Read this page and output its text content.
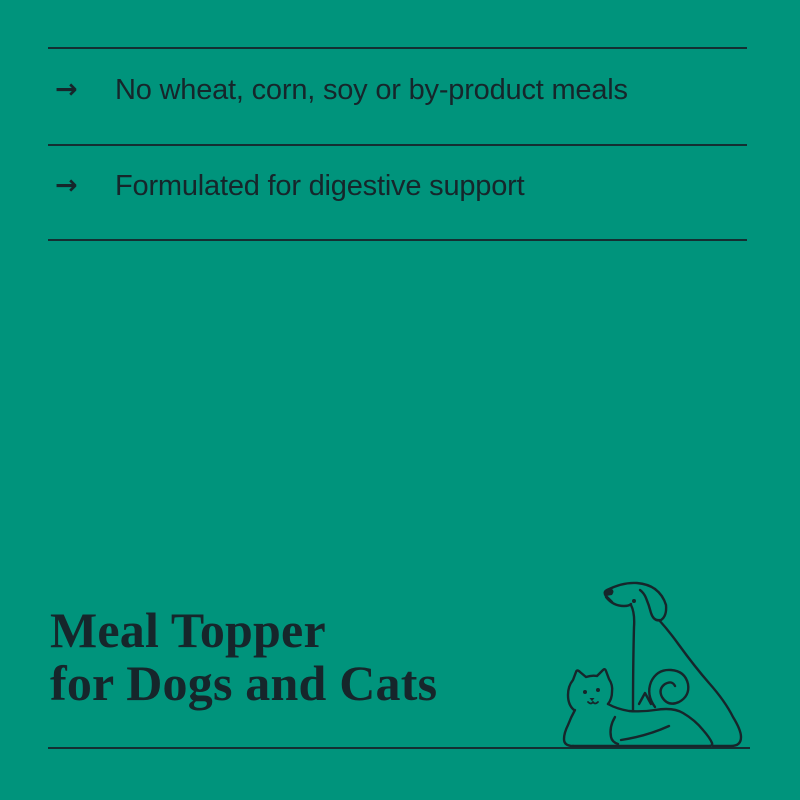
→	No wheat, corn, soy or by-product meals
→	Formulated for digestive support
Meal Topper
for Dogs and Cats
